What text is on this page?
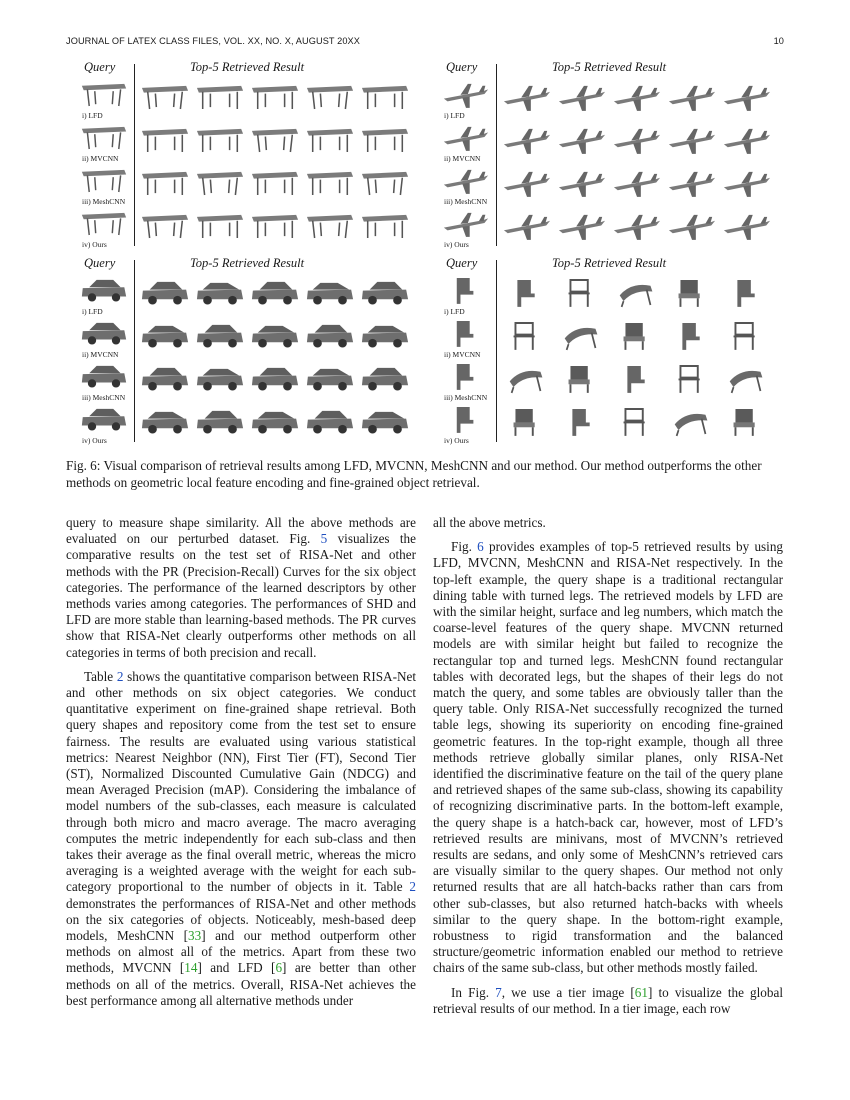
JOURNAL OF LATEX CLASS FILES, VOL. XX, NO. X, AUGUST 20XX	10
Query	Top-5 Retrieved Result
i) LFD
ii) MVCNN
iii) MeshCNN
iv) Ours
Query	Top-5 Retrieved Result
i) LFD
ii) MVCNN
iii) MeshCNN
iv) Ours
Query	Top-5 Retrieved Result
i) LFD
ii) MVCNN
iii) MeshCNN
iv) Ours
Query	Top-5 Retrieved Result
i) LFD
ii) MVCNN
iii) MeshCNN
iv) Ours
Fig. 6: Visual comparison of retrieval results among LFD, MVCNN, MeshCNN and our method. Our method outperforms the other methods on geometric local feature encoding and fine-grained object retrieval.

query to measure shape similarity. All the above methods are evaluated on our perturbed dataset. Fig. 5 visualizes the comparative results on the test set of RISA-Net and other methods with the PR (Precision-Recall) Curves for the six object categories. The performance of the learned descriptors by other methods varies among categories. The performances of SHD and LFD are more stable than learning-based methods. The PR curves show that RISA-Net clearly outperforms other methods on all categories in terms of both precision and recall.

Table 2 shows the quantitative comparison between RISA-Net and other methods on six object categories. We conduct quantitative experiment on fine-grained shape retrieval. Both query shapes and repository come from the test set to ensure fairness. The results are evaluated using various statistical metrics: Nearest Neighbor (NN), First Tier (FT), Second Tier (ST), Normalized Discounted Cumulative Gain (NDCG) and mean Averaged Precision (mAP). Considering the imbalance of model numbers of the sub-classes, each measure is calculated through both micro and macro average. The macro averaging computes the metric independently for each sub-class and then takes their average as the final overall metric, whereas the micro averaging is a weighted average with the weight for each sub-category proportional to the number of objects in it. Table 2 demonstrates the performances of RISA-Net and other methods on the six categories of objects. Noticeably, mesh-based deep models, MeshCNN [33] and our method outperform other methods on almost all of the metrics. Apart from these two methods, MVCNN [14] and LFD [6] are better than other methods on all of the metrics. Overall, RISA-Net achieves the best performance among all alternative methods under

all the above metrics.

Fig. 6 provides examples of top-5 retrieved results by using LFD, MVCNN, MeshCNN and RISA-Net respectively. In the top-left example, the query shape is a traditional rectangular dining table with turned legs. The retrieved models by LFD are with the similar height, surface and leg numbers, which match the coarse-level features of the query shape. MVCNN returned models are with similar height but failed to recognize the rectangular top and turned legs. MeshCNN found rectangular tables with decorated legs, but the shapes of their legs do not match the query, and some tables are obviously taller than the query table. Only RISA-Net successfully recognized the turned table legs, showing its superiority on encoding fine-grained geometric features. In the top-right example, though all three methods retrieve globally similar planes, only RISA-Net identified the discriminative feature on the tail of the query plane and retrieved shapes of the same sub-class, showing its capability of recognizing discriminative parts. In the bottom-left example, the query shape is a hatch-back car, however, most of LFD’s retrieved results are minivans, most of MVCNN’s retrieved results are sedans, and only some of MeshCNN’s retrieved cars are visually similar to the query shapes. Our method not only returned results that are all hatch-backs rather than cars from other sub-classes, but also returned hatch-backs with wheels similar to the query shape. In the bottom-right example, robustness to rigid transformation and the balanced structure/geometric information enabled our method to retrieve chairs of the same sub-class, but other methods mostly failed.

In Fig. 7, we use a tier image [61] to visualize the global retrieval results of our method. In a tier image, each row
